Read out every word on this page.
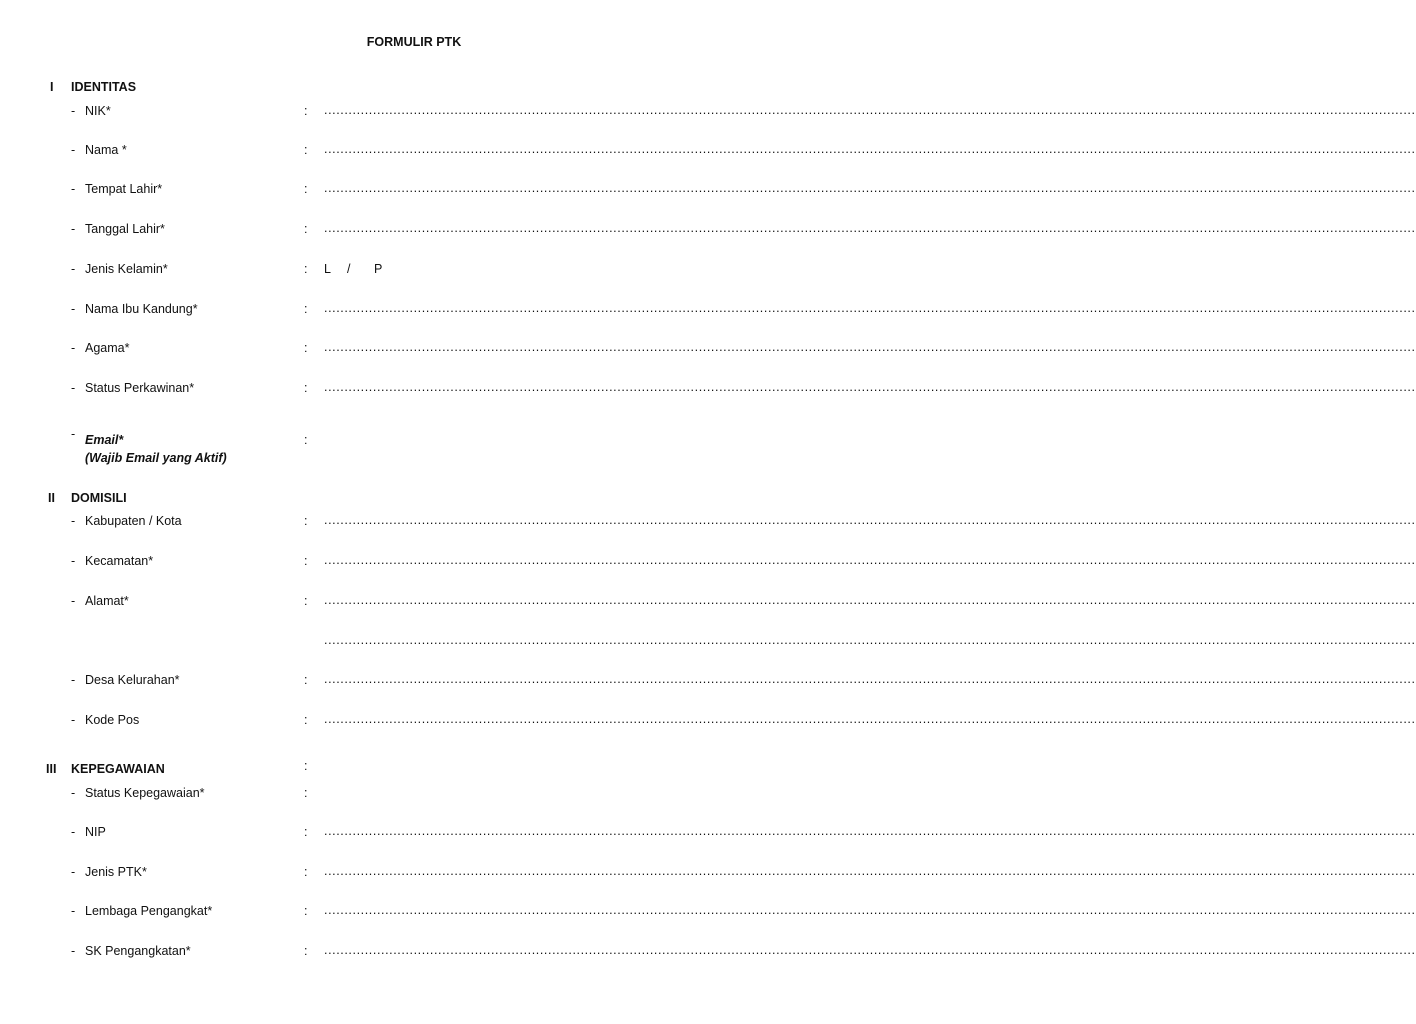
FORMULIR PTK
I IDENTITAS
- NIK*	: ............................................................................................................................................................................................................................................................................
- Nama *	: ............................................................................................................................................................................................................................................................................
- Tempat Lahir*	: ............................................................................................................................................................................................................................................................................
- Tanggal Lahir*	: ............................................................................................................................................................................................................................................................................
- Jenis Kelamin*	: L / P
- Nama Ibu Kandung*	: ............................................................................................................................................................................................................................................................................
- Agama*	: ............................................................................................................................................................................................................................................................................
- Status Perkawinan*	: ............................................................................................................................................................................................................................................................................
- Email*
(Wajib Email yang Aktif)
:
II DOMISILI
- Kabupaten / Kota	: ............................................................................................................................................................................................................................................................................
- Kecamatan*	: ............................................................................................................................................................................................................................................................................
- Alamat*	: ............................................................................................................................................................................................................................................................................
............................................................................................................................................................................................................................................................................
- Desa Kelurahan*	: ............................................................................................................................................................................................................................................................................
- Kode Pos	: ............................................................................................................................................................................................................................................................................
III KEPEGAWAIAN	:
- Status Kepegawaian*	:
- NIP	: ............................................................................................................................................................................................................................................................................
- Jenis PTK*	: ............................................................................................................................................................................................................................................................................
- Lembaga Pengangkat*	: ............................................................................................................................................................................................................................................................................
- SK Pengangkatan*	: ............................................................................................................................................................................................................................................................................
